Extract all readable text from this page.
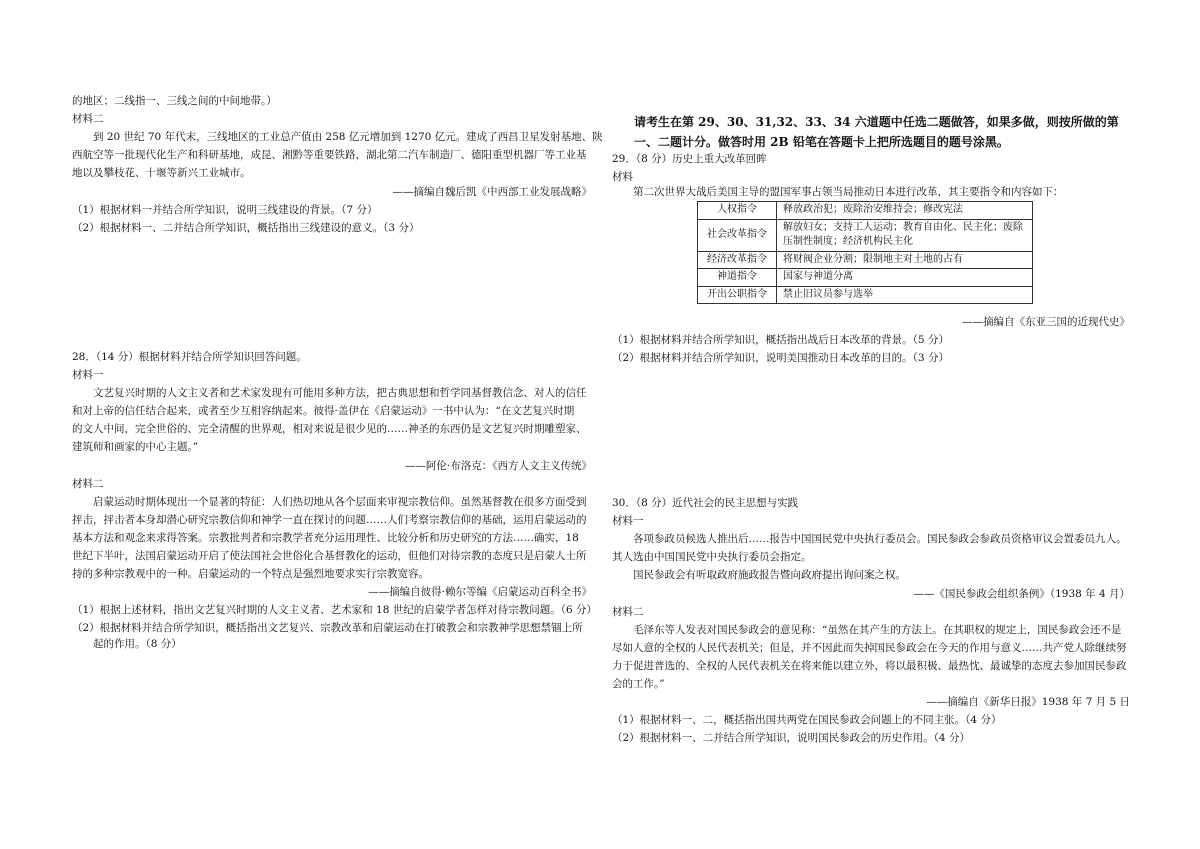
的地区；二线指一、三线之间的中间地带。）

材料二

到 20 世纪 70 年代末，三线地区的工业总产值由 258 亿元增加到 1270 亿元。建成了西昌卫星发射基地、陕

西航空等一批现代化生产和科研基地，成昆、湘黔等重要铁路，湖北第二汽车制造厂、德阳重型机器厂等工业基

地以及攀枝花、十堰等新兴工业城市。

——摘编自魏后凯《中西部工业发展战略》

（1）根据材料一并结合所学知识，说明三线建设的背景。（7 分）

（2）根据材料一、二并结合所学知识，概括指出三线建设的意义。（3 分）

28．（14 分）根据材料并结合所学知识回答问题。

材料一

文艺复兴时期的人文主义者和艺术家发现有可能用多种方法，把古典思想和哲学同基督教信念、对人的信任

和对上帝的信任结合起来，或者至少互相容纳起来。彼得·盖伊在《启蒙运动》一书中认为：“在文艺复兴时期

的文人中间，完全世俗的、完全清醒的世界观，相对来说是很少见的……神圣的东西仍是文艺复兴时期雕塑家、

建筑师和画家的中心主题。”

——阿伦·布洛克：《西方人文主义传统》

材料二

启蒙运动时期体现出一个显著的特征：人们热切地从各个层面来审视宗教信仰。虽然基督教在很多方面受到

抨击，抨击者本身却潜心研究宗教信仰和神学一直在探讨的问题……人们考察宗教信仰的基础，运用启蒙运动的

基本方法和观念来求得答案。宗教批判者和宗教学者充分运用理性、比较分析和历史研究的方法……确实，18

世纪下半叶，法国启蒙运动开启了使法国社会世俗化合基督教化的运动，但他们对待宗教的态度只是启蒙人士所

持的多种宗教观中的一种。启蒙运动的一个特点是强烈地要求实行宗教宽容。

——摘编自彼得·赖尔等编《启蒙运动百科全书》

（1）根据上述材料，指出文艺复兴时期的人文主义者、艺术家和 18 世纪的启蒙学者怎样对待宗教问题。（6 分）

（2）根据材料并结合所学知识，概括指出文艺复兴、宗教改革和启蒙运动在打破教会和宗教神学思想禁锢上所起的作用。（8 分）

请考生在第 29、30、31,32、33、34 六道题中任选二题做答，如果多做，则按所做的第一、二题计分。做答时用 2B 铅笔在答题卡上把所选题目的题号涂黑。

29．（8 分）历史上重大改革回眸

材料

第二次世界大战后美国主导的盟国军事占领当局推动日本进行改革，其主要指令和内容如下：

人权指令	释放政治犯；废除治安维持会；修改宪法
社会改革指令	解放妇女；支持工人运动；教育自由化、民主化；废除压制性制度；经济机构民主化
经济改革指令	将财阀企业分割；限制地主对土地的占有
神道指令	国家与神道分离
开出公职指令	禁止旧议员参与选举

——摘编自《东亚三国的近现代史》

（1）根据材料并结合所学知识，概括指出战后日本改革的背景。（5 分）

（2）根据材料并结合所学知识，说明美国推动日本改革的目的。（3 分）

30．（8 分）近代社会的民主思想与实践

材料一

各项参政员候选人推出后……报告中国国民党中央执行委员会。国民参政会参政员资格审议会置委员九人。

其人选由中国国民党中央执行委员会指定。

国民参政会有听取政府施政报告暨向政府提出询问案之权。

——《国民参政会组织条例》（1938 年 4 月）

材料二

毛泽东等人发表对国民参政会的意见称：“虽然在其产生的方法上。在其职权的规定上，国民参政会还不是

尽如人意的全权的人民代表机关；但是，并不因此而失掉国民参政会在今天的作用与意义……共产党人除继续努

力于促进普选的、全权的人民代表机关在将来能以建立外，将以最积极、最热忱、最诚挚的态度去参加国民参政

会的工作。”

——摘编自《新华日报》1938 年 7 月 5 日

（1）根据材料一、二，概括指出国共两党在国民参政会问题上的不同主张。（4 分）

（2）根据材料一、二并结合所学知识，说明国民参政会的历史作用。（4 分）
